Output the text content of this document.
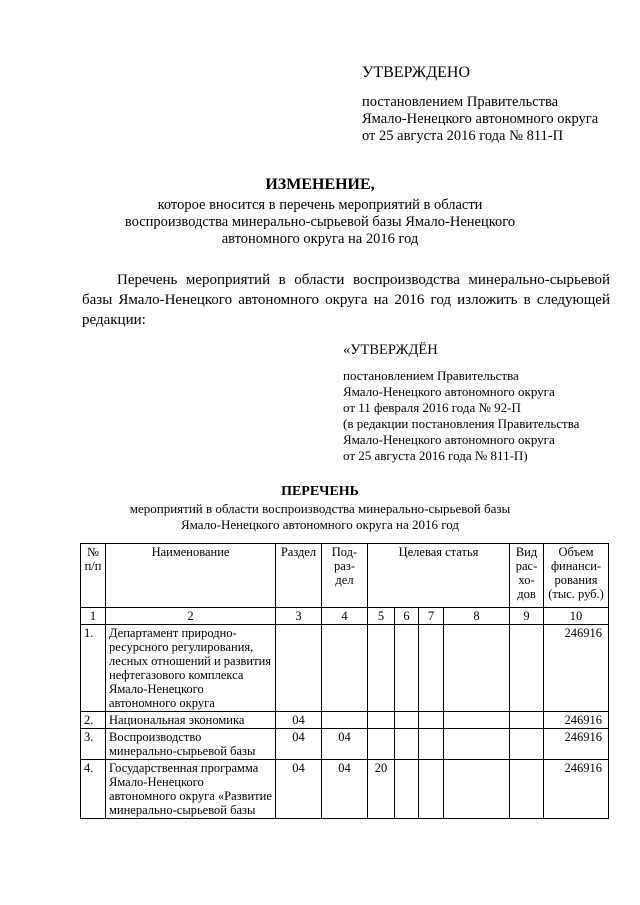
УТВЕРЖДЕНО
постановлением Правительства
Ямало-Ненецкого автономного округа
от 25 августа 2016 года № 811-П
ИЗМЕНЕНИЕ,
которое вносится в перечень мероприятий в области
воспроизводства минерально-сырьевой базы Ямало-Ненецкого
автономного округа на 2016 год
Перечень мероприятий в области воспроизводства минерально-сырьевой
базы Ямало-Ненецкого автономного округа на 2016 год изложить в следующей
редакции:
«УТВЕРЖДЁН
постановлением Правительства
Ямало-Ненецкого автономного округа
от 11 февраля 2016 года № 92-П
(в редакции постановления Правительства
Ямало-Ненецкого автономного округа
от 25 августа 2016 года № 811-П)
ПЕРЕЧЕНЬ
мероприятий в области воспроизводства минерально-сырьевой базы
Ямало-Ненецкого автономного округа на 2016 год
№ п/п	Наименование	Раздел	Под-раз-дел	Целевая статья				Вид рас-хо-дов	Объем финанси-рования (тыс. руб.)
1	2	3	4	5	6	7	8	9	10
1.	Департамент природно-ресурсного регулирования, лесных отношений и развития нефтегазового комплекса Ямало-Ненецкого автономного округа								246916
2.	Национальная экономика	04							246916
3.	Воспроизводство минерально-сырьевой базы	04	04						246916
4.	Государственная программа Ямало-Ненецкого автономного округа «Развитие минерально-сырьевой базы	04	04	20					246916
